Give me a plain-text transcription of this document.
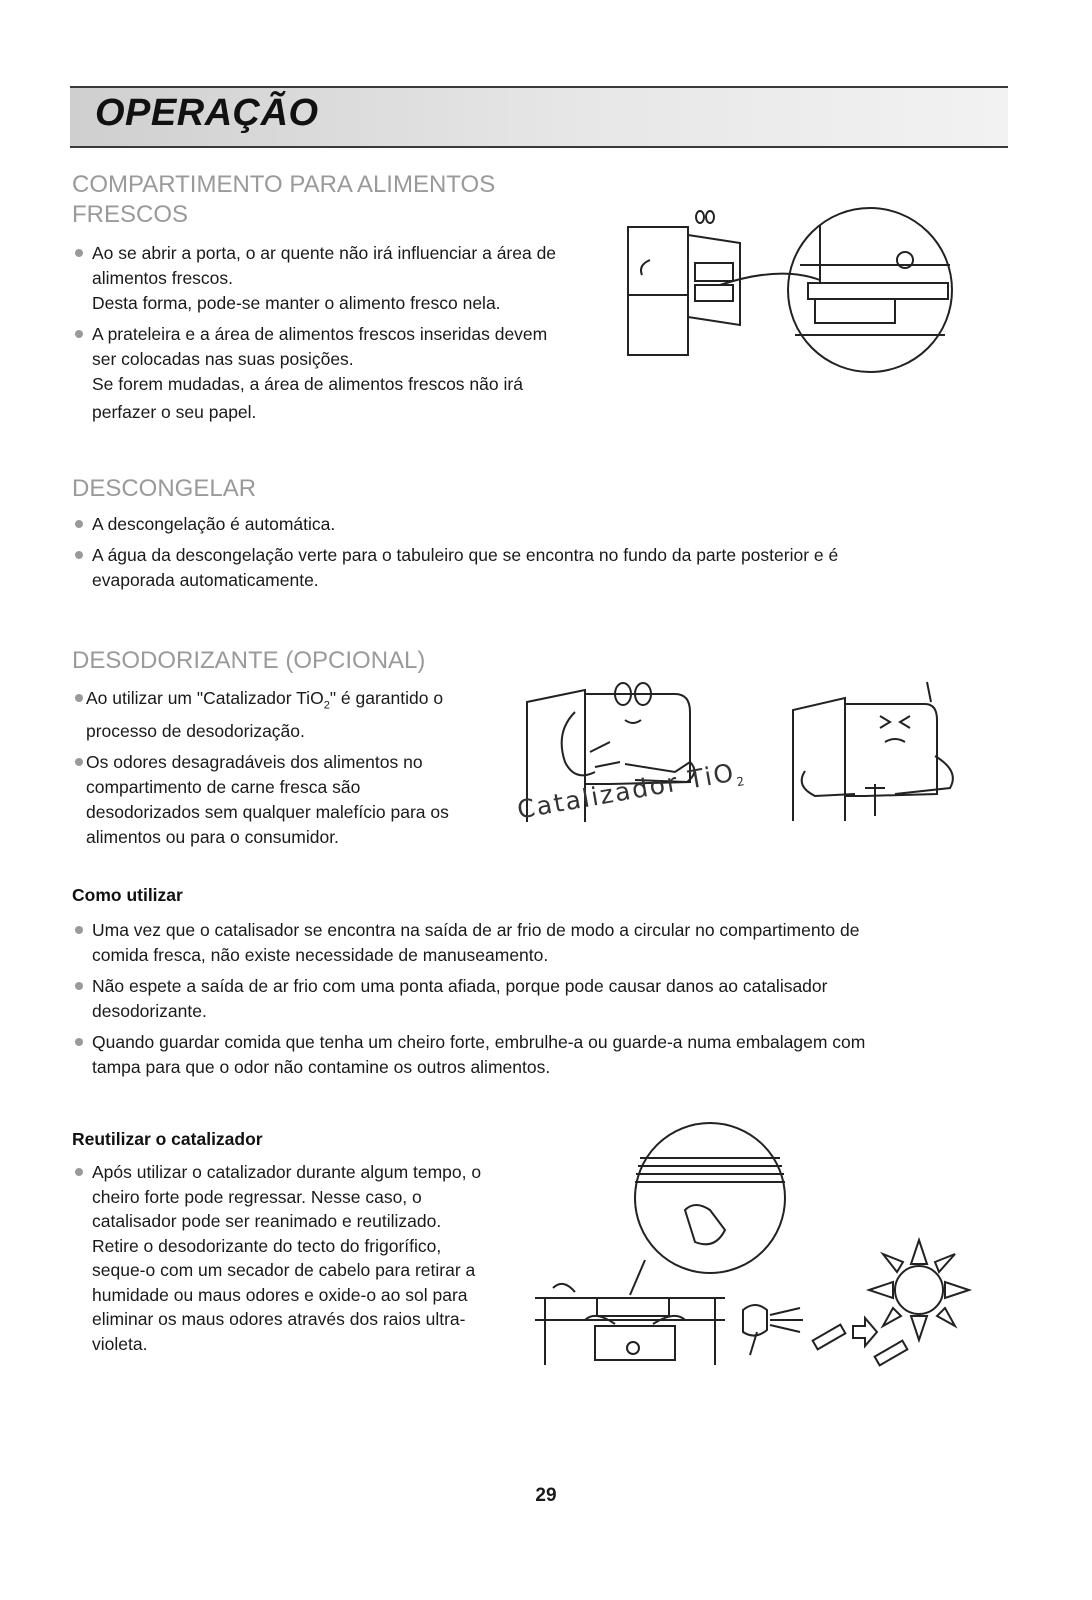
OPERAÇÃO
COMPARTIMENTO PARA ALIMENTOS
FRESCOS
Ao se abrir a porta, o ar quente não irá influenciar a área de
alimentos frescos.
Desta forma, pode-se manter o alimento fresco nela.
A prateleira e a área de alimentos frescos inseridas devem
ser colocadas nas suas posições.
Se forem mudadas, a área de alimentos frescos não irá
perfazer o seu papel.
DESCONGELAR
A descongelação é automática.
A água da descongelação verte para o tabuleiro que se encontra no fundo da parte posterior e é
evaporada automaticamente.
DESODORIZANTE (OPCIONAL)
Ao utilizar um "Catalizador TiO$_2$" é garantido o
processo de desodorização.
Os odores desagradáveis dos alimentos no
compartimento de carne fresca são
desodorizados sem qualquer malefício para os
alimentos ou para o consumidor.
Catalizador TiO$_2$
Como utilizar
Uma vez que o catalisador se encontra na saída de ar frio de modo a circular no compartimento de
comida fresca, não existe necessidade de manuseamento.
Não espete a saída de ar frio com uma ponta afiada, porque pode causar danos ao catalisador
desodorizante.
Quando guardar comida que tenha um cheiro forte, embrulhe-a ou guarde-a numa embalagem com
tampa para que o odor não contamine os outros alimentos.
Reutilizar o catalizador
Após utilizar o catalizador durante algum tempo, o
cheiro forte pode regressar. Nesse caso, o
catalisador pode ser reanimado e reutilizado.
Retire o desodorizante do tecto do frigorífico,
seque-o com um secador de cabelo para retirar a
humidade ou maus odores e oxide-o ao sol para
eliminar os maus odores através dos raios ultra-
violeta.
29
